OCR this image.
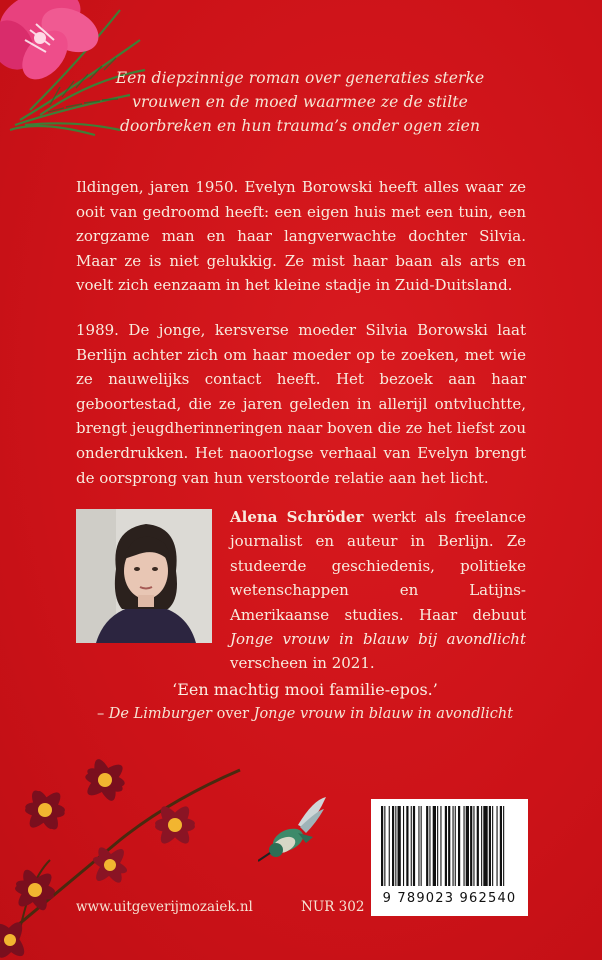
Een diepzinnige roman over generaties sterke vrouwen en de moed waarmee ze de stilte doorbreken en hun trauma’s onder ogen zien
Ildingen, jaren 1950. Evelyn Borowski heeft alles waar ze ooit van gedroomd heeft: een eigen huis met een tuin, een zorgzame man en haar langverwachte dochter Silvia. Maar ze is niet gelukkig. Ze mist haar baan als arts en voelt zich eenzaam in het kleine stadje in Zuid-Duitsland.
1989. De jonge, kersverse moeder Silvia Borowski laat Berlijn achter zich om haar moeder op te zoeken, met wie ze nauwelijks contact heeft. Het bezoek aan haar geboortestad, die ze jaren geleden in allerijl ontvluchtte, brengt jeugdherinneringen naar boven die ze het liefst zou onderdrukken. Het naoorlogse verhaal van Evelyn brengt de oorsprong van hun verstoorde relatie aan het licht.
Alena Schröder werkt als freelance journalist en auteur in Berlijn. Ze studeerde geschiedenis, politieke wetenschappen en Latijns-Amerikaanse studies. Haar debuut Jonge vrouw in blauw bij avondlicht verscheen in 2021.
‘Een machtig mooi familie-epos.’
– De Limburger over Jonge vrouw in blauw in avondlicht
9 789023 962540
www.uitgeverijmozaiek.nl	NUR 302
